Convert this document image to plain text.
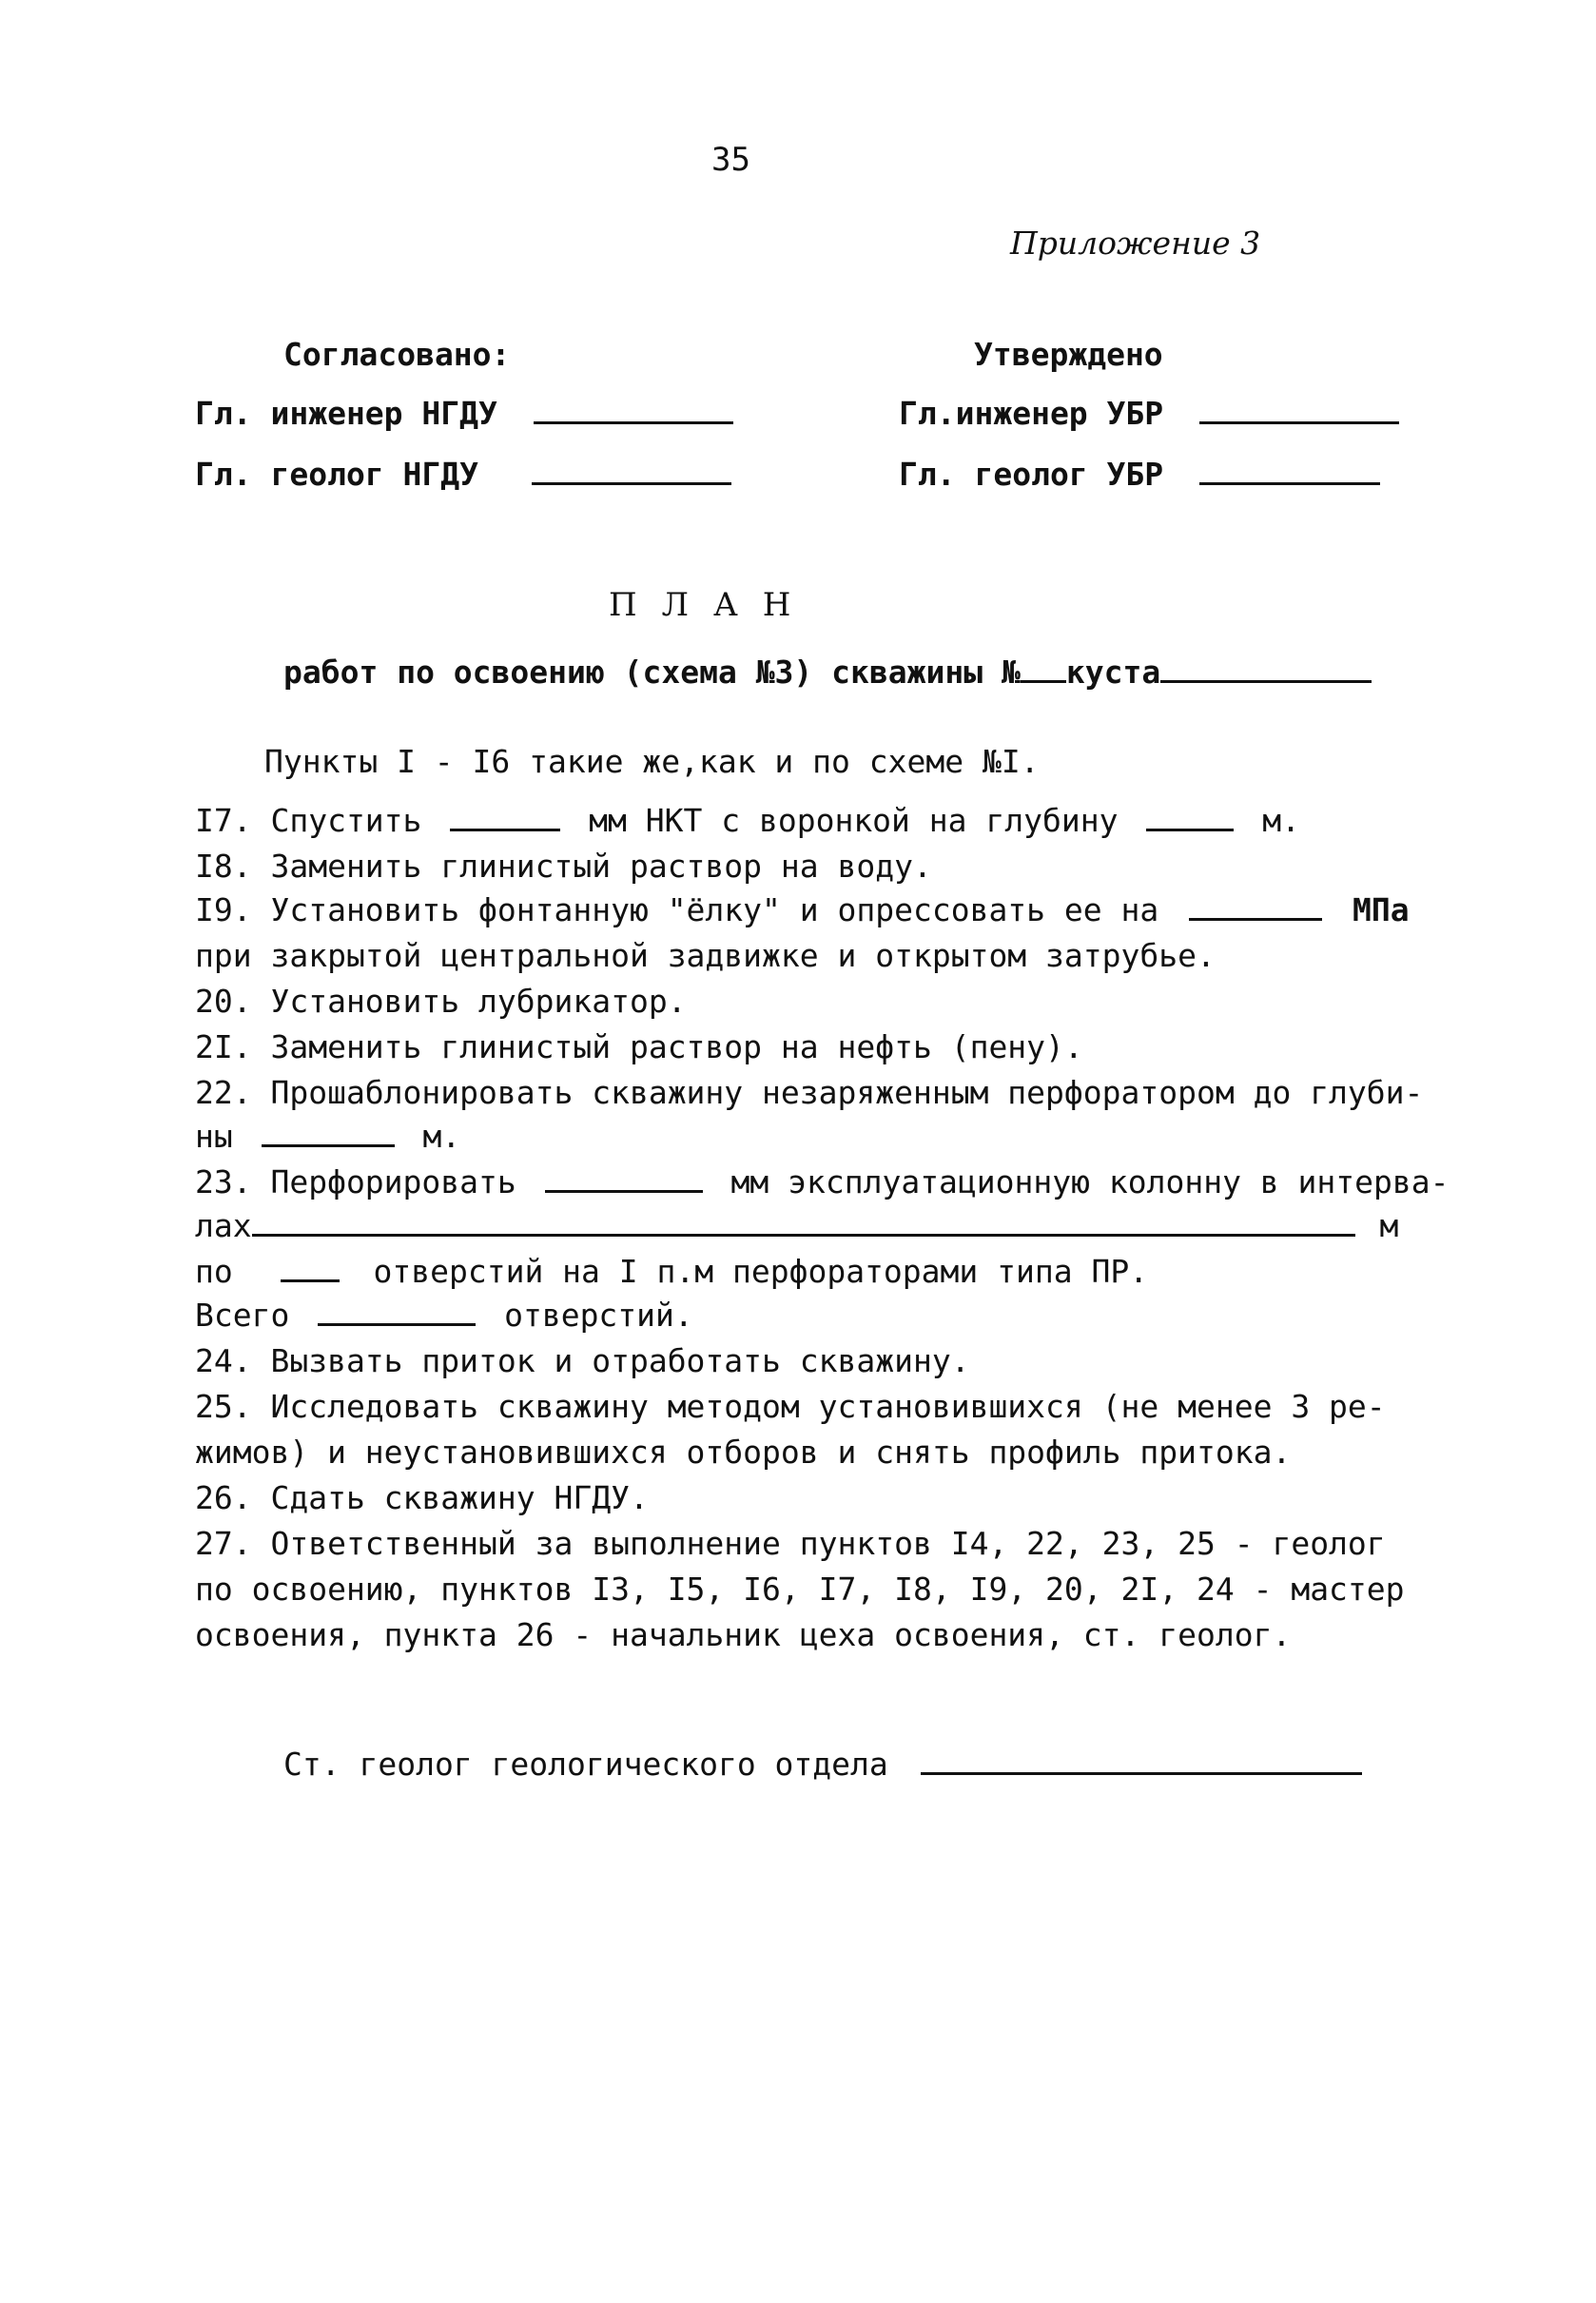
35
Приложение 3
Согласовано:
Гл. инженер НГДУ
Гл. геолог НГДУ
Утверждено
Гл.инженер УБР
Гл. геолог УБР
ПЛАН
работ по освоению (схема №3) скважины № куста
Пункты I - I6 такие же,как и по схеме №I.
I7. Спустить	мм НКТ с воронкой на глубину	м.
I8. Заменить глинистый раствор на воду.
I9. Установить фонтанную "ёлку" и опрессовать ее на	МПа
при закрытой центральной задвижке и открытом затрубье.
20. Установить лубрикатор.
2I. Заменить глинистый раствор на нефть (пену).
22. Прошаблонировать скважину незаряженным перфоратором до глуби-
ны	м.
23. Перфорировать	мм эксплуатационную колонну в интерва-
лах	м
по	отверстий на I п.м перфораторами типа ПР.
Всего	отверстий.
24. Вызвать приток и отработать скважину.
25. Исследовать скважину методом установившихся (не менее 3 ре-
жимов) и неустановившихся отборов и снять профиль притока.
26. Сдать скважину НГДУ.
27. Ответственный за выполнение пунктов I4, 22, 23, 25 - геолог
по освоению, пунктов I3, I5, I6, I7, I8, I9, 20, 2I, 24 - мастер
освоения, пункта 26 - начальник цеха освоения, ст. геолог.
Ст. геолог геологического отдела
